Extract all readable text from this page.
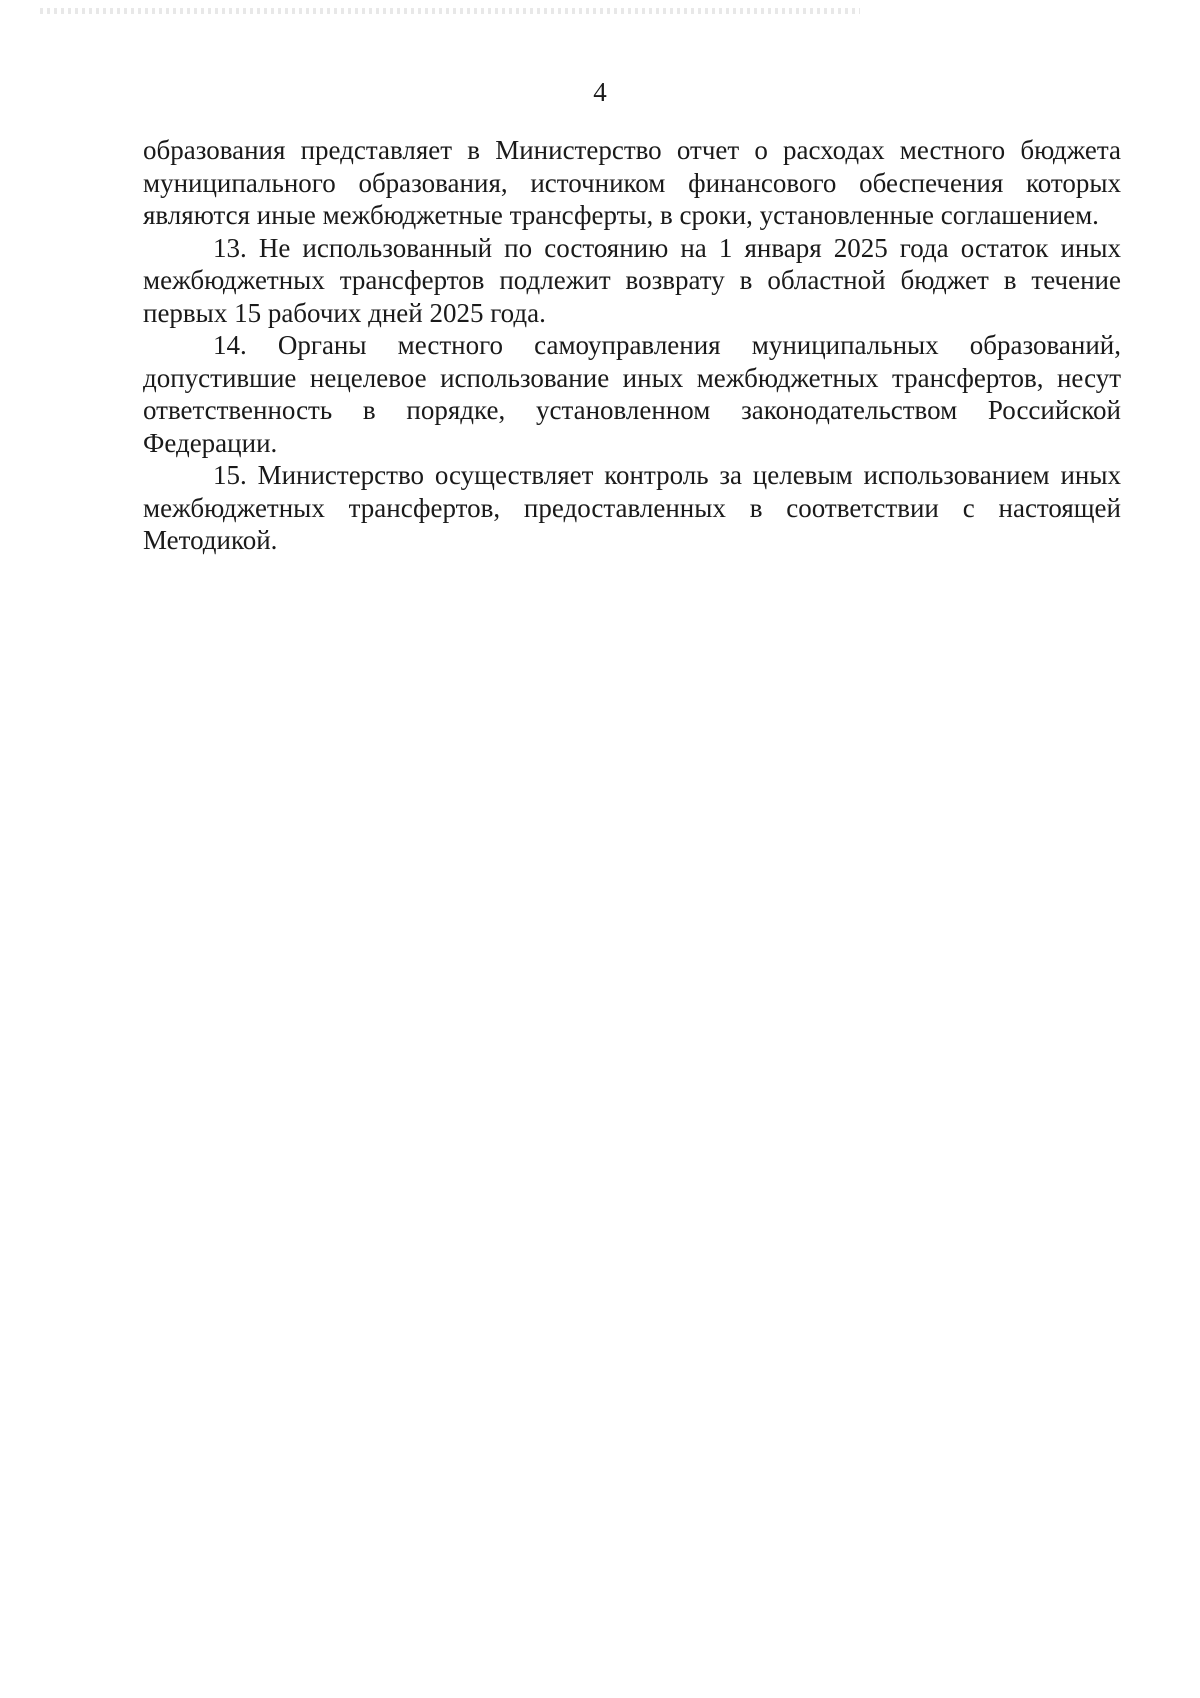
4

образования представляет в Министерство отчет о расходах местного бюджета муниципального образования, источником финансового обеспечения которых являются иные межбюджетные трансферты, в сроки, установленные соглашением.

13. Не использованный по состоянию на 1 января 2025 года остаток иных межбюджетных трансфертов подлежит возврату в областной бюджет в течение первых 15 рабочих дней 2025 года.

14. Органы местного самоуправления муниципальных образований, допустившие нецелевое использование иных межбюджетных трансфертов, несут ответственность в порядке, установленном законодательством Российской Федерации.

15. Министерство осуществляет контроль за целевым использованием иных межбюджетных трансфертов, предоставленных в соответствии с настоящей Методикой.
